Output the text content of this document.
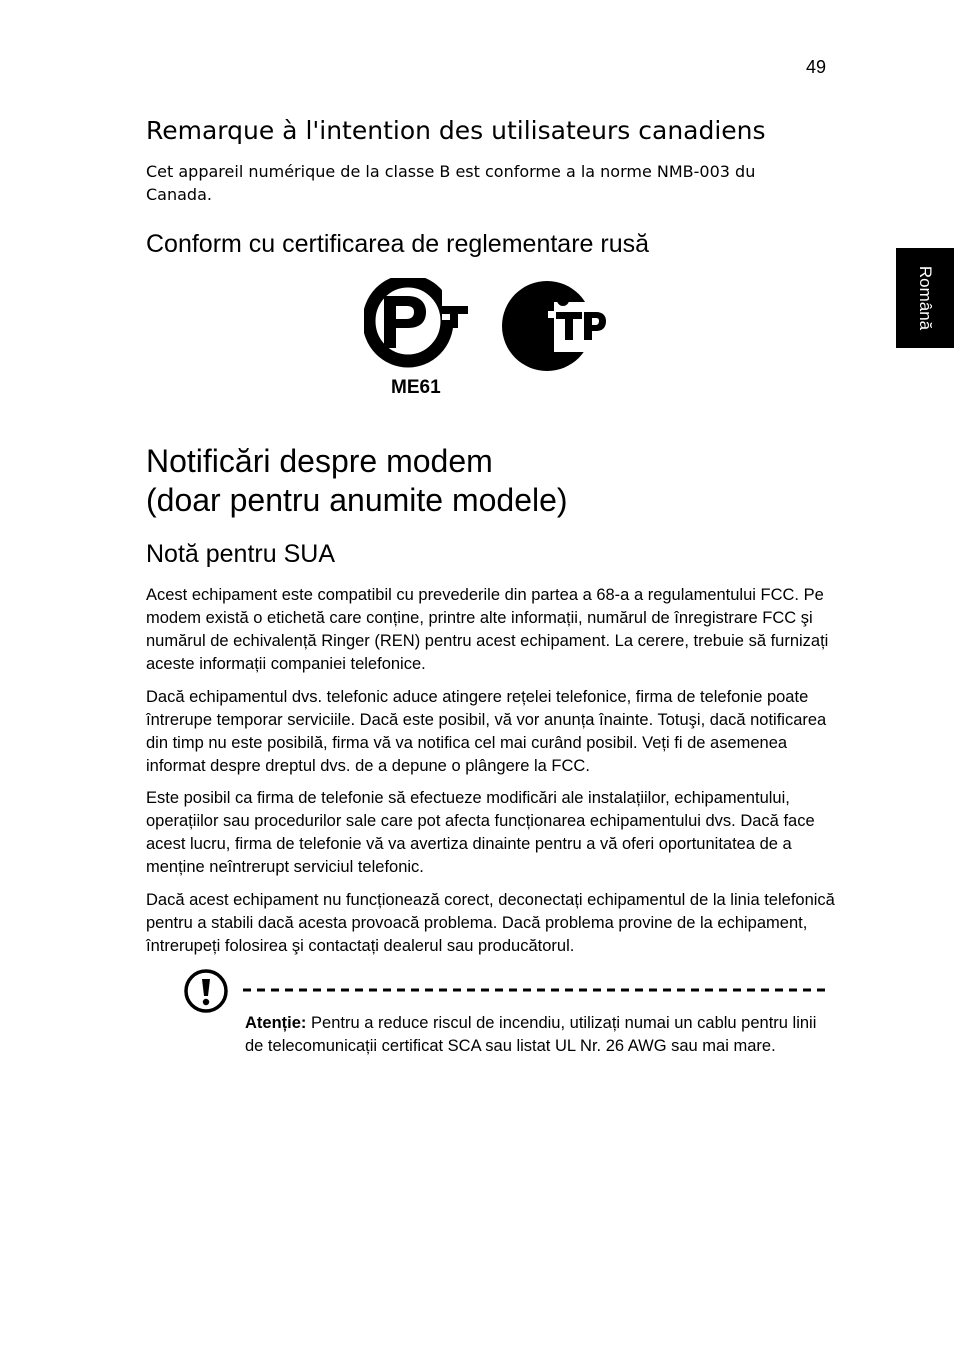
49
Română
Remarque à l'intention des utilisateurs canadiens
Cet appareil numérique de la classe B est conforme a la norme NMB-003 du Canada.
Conform cu certificarea de reglementare rusă
ME61
Notificări despre modem
(doar pentru anumite modele)
Notă pentru SUA
Acest echipament este compatibil cu prevederile din partea a 68-a a regulamentului FCC. Pe modem există o etichetă care conține, printre alte informații, numărul de înregistrare FCC şi numărul de echivalență Ringer (REN) pentru acest echipament. La cerere, trebuie să furnizați aceste informații companiei telefonice.
Dacă echipamentul dvs. telefonic aduce atingere rețelei telefonice, firma de telefonie poate întrerupe temporar serviciile. Dacă este posibil, vă vor anunța înainte. Totuşi, dacă notificarea din timp nu este posibilă, firma vă va notifica cel mai curând posibil. Veți fi de asemenea informat despre dreptul dvs. de a depune o plângere la FCC.
Este posibil ca firma de telefonie să efectueze modificări ale instalațiilor, echipamentului, operațiilor sau procedurilor sale care pot afecta funcționarea echipamentului dvs. Dacă face acest lucru, firma de telefonie vă va avertiza dinainte pentru a vă oferi oportunitatea de a menține neîntrerupt serviciul telefonic.
Dacă acest echipament nu funcționează corect, deconectați echipamentul de la linia telefonică pentru a stabili dacă acesta provoacă problema. Dacă problema provine de la echipament, întrerupeți folosirea şi contactați dealerul sau producătorul.
Atenție: Pentru a reduce riscul de incendiu, utilizați numai un cablu pentru linii de telecomunicații certificat SCA sau listat UL Nr. 26 AWG sau mai mare.
